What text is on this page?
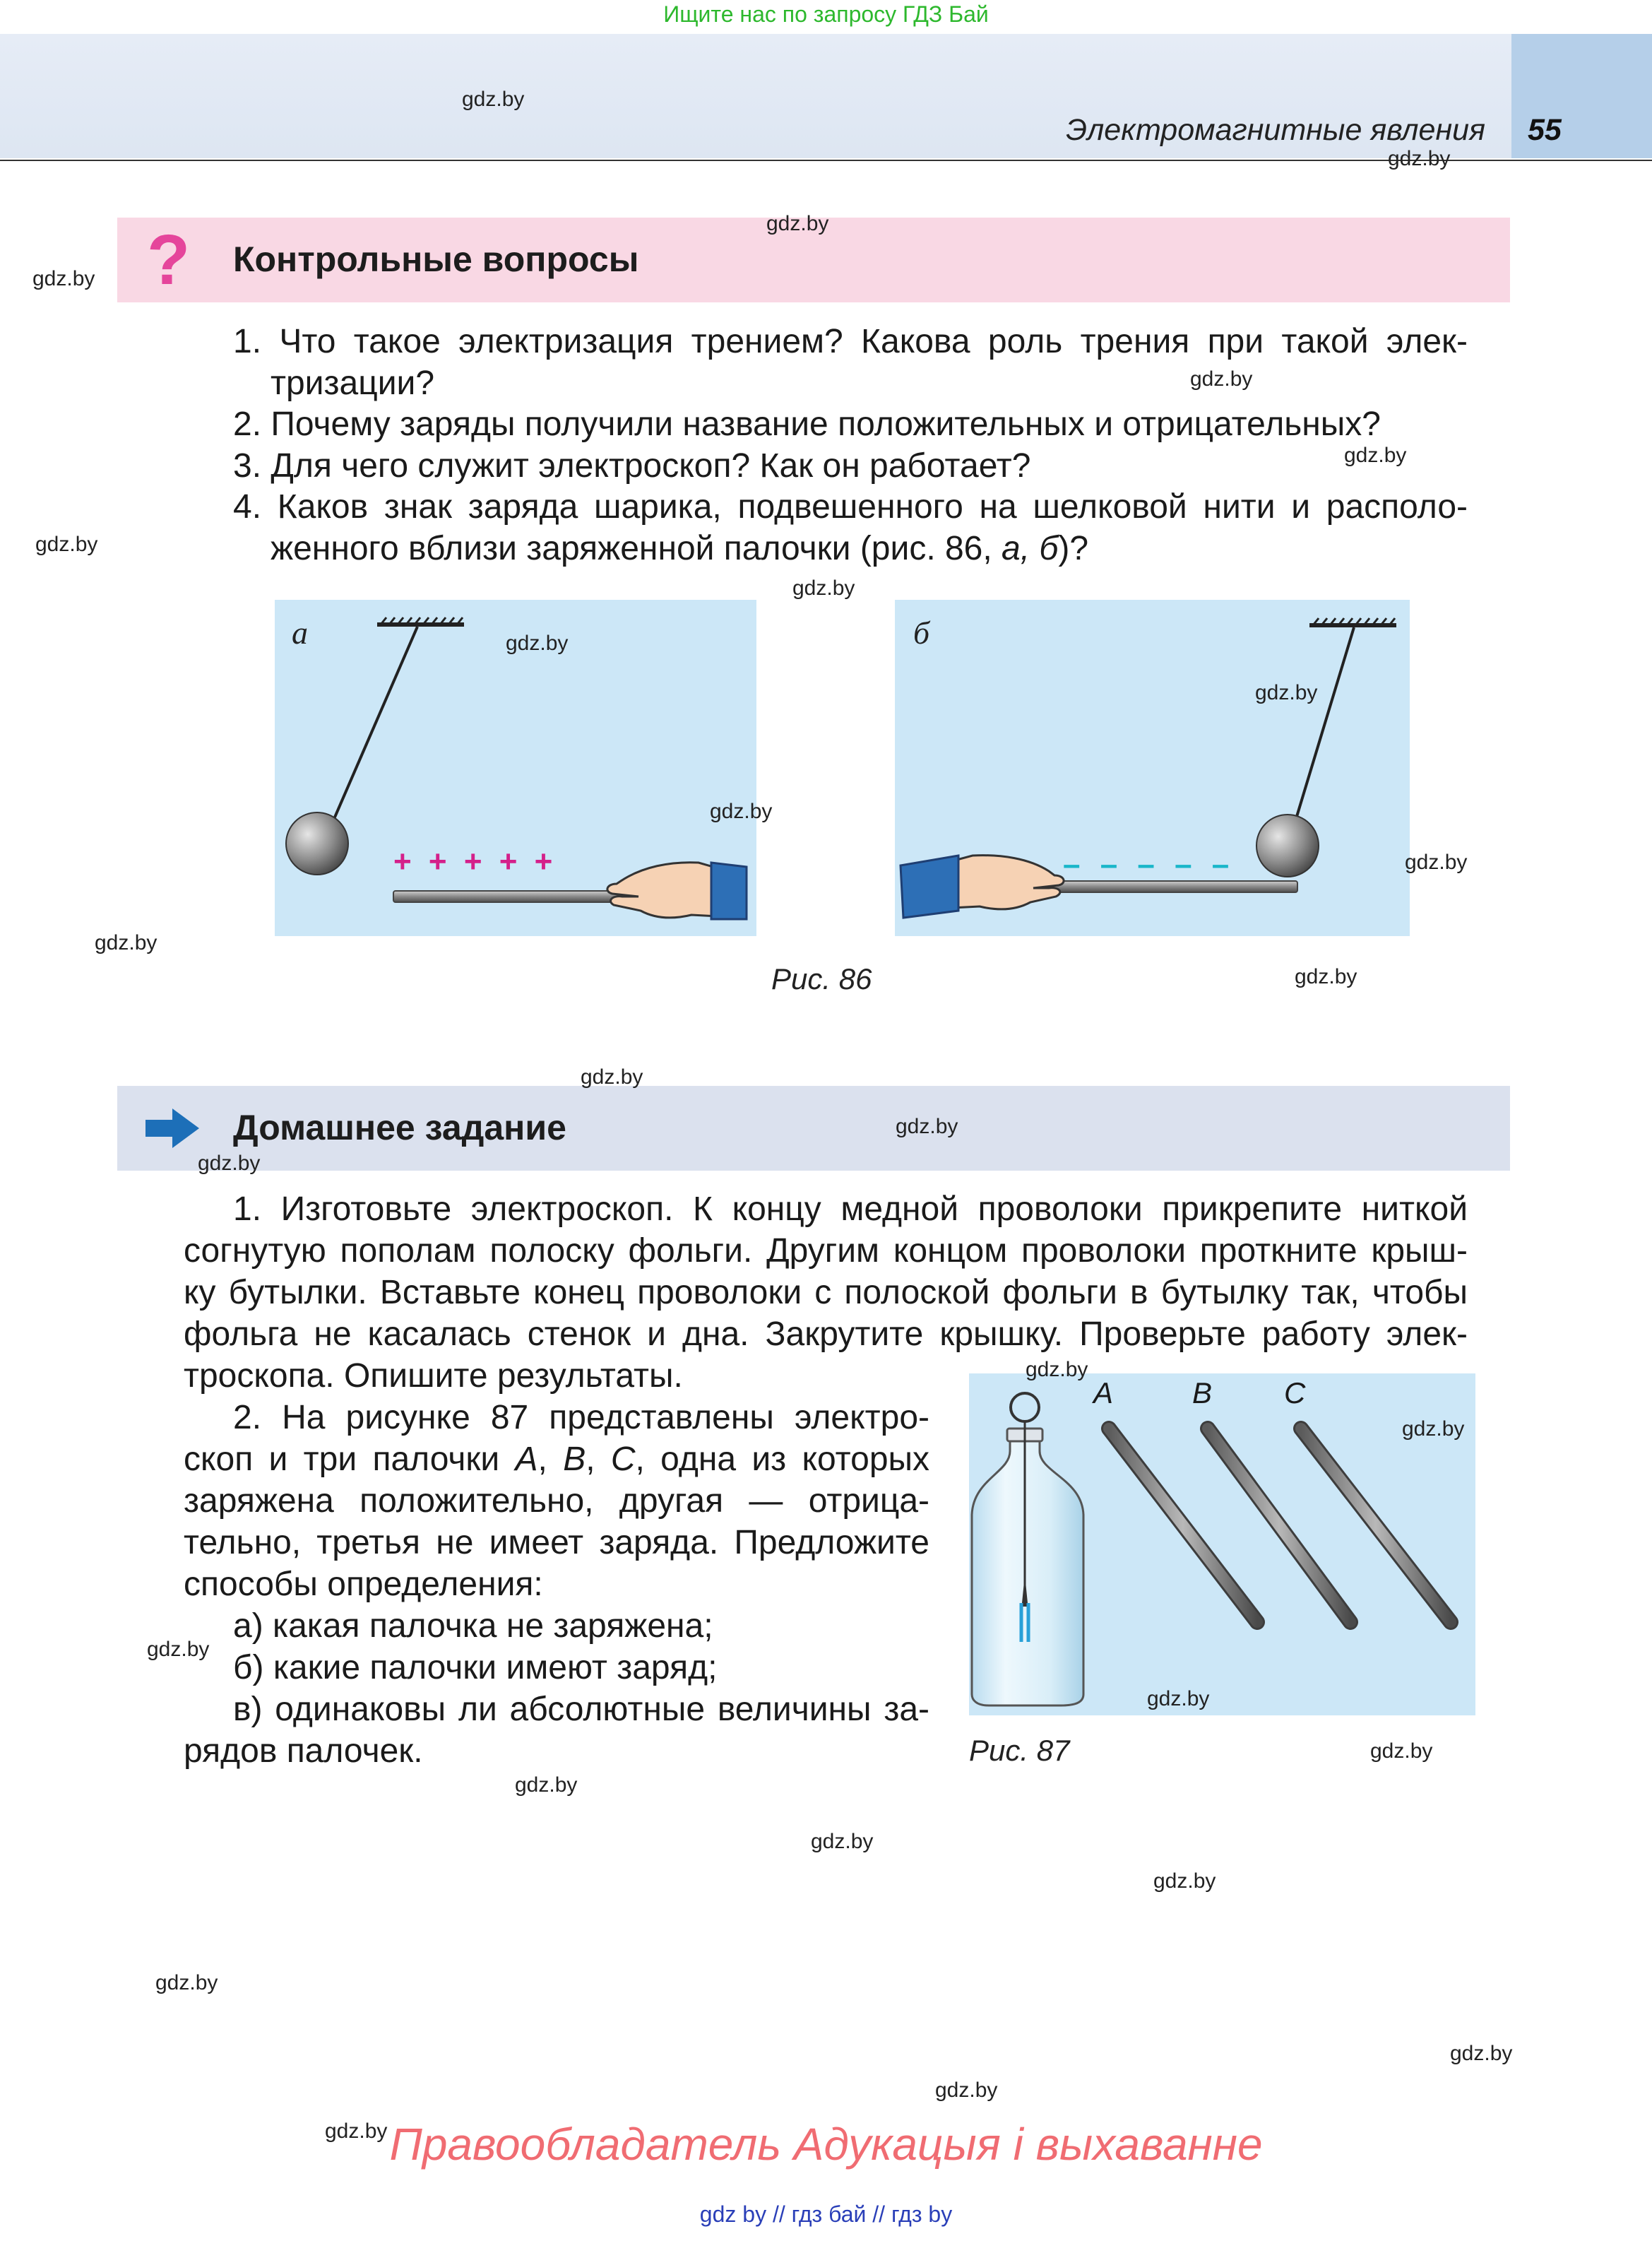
Ищите нас по запросу ГДЗ Бай
Электромагнитные явления 55
? Контрольные вопросы
1. Что такое электризация трением? Какова роль трения при такой элек-
тризации?
2. Почему заряды получили название положительных и отрицательных?
3. Для чего служит электроскоп? Как он работает?
4. Каков знак заряда шарика, подвешенного на шелковой нити и располо-
женного вблизи заряженной палочки (рис. 86, а, б)?
а
+ + + + +
б
– – – – –
Рис. 86
Домашнее задание
1. Изготовьте электроскоп. К концу медной проволоки прикрепите ниткой
согнутую пополам полоску фольги. Другим концом проволоки проткните крыш-
ку бутылки. Вставьте конец проволоки с полоской фольги в бутылку так, чтобы
фольга не касалась стенок и дна. Закрутите крышку. Проверьте работу элек-
троскопа. Опишите результаты.
2. На рисунке 87 представлены электро-
скоп и три палочки A, B, C, одна из которых
заряжена положительно, другая — отрица-
тельно, третья не имеет заряда. Предложите
способы определения:
а) какая палочка не заряжена;
б) какие палочки имеют заряд;
в) одинаковы ли абсолютные величины за-
рядов палочек.
A	B C
Рис. 87
gdz.by
gdz.by
gdz.by
gdz.by
gdz.by
gdz.by
gdz.by
gdz.by
gdz.by
gdz.by
gdz.by
gdz.by
gdz.by
gdz.by
gdz.by
gdz.by
gdz.by
gdz.by
gdz.by
gdz.by
gdz.by
gdz.by
gdz.by
gdz.by
gdz.by
gdz.by
gdz.by
gdz.by
gdz.by Правообладатель Адукацыя і выхаванне
gdz by // гдз бай // гдз by
